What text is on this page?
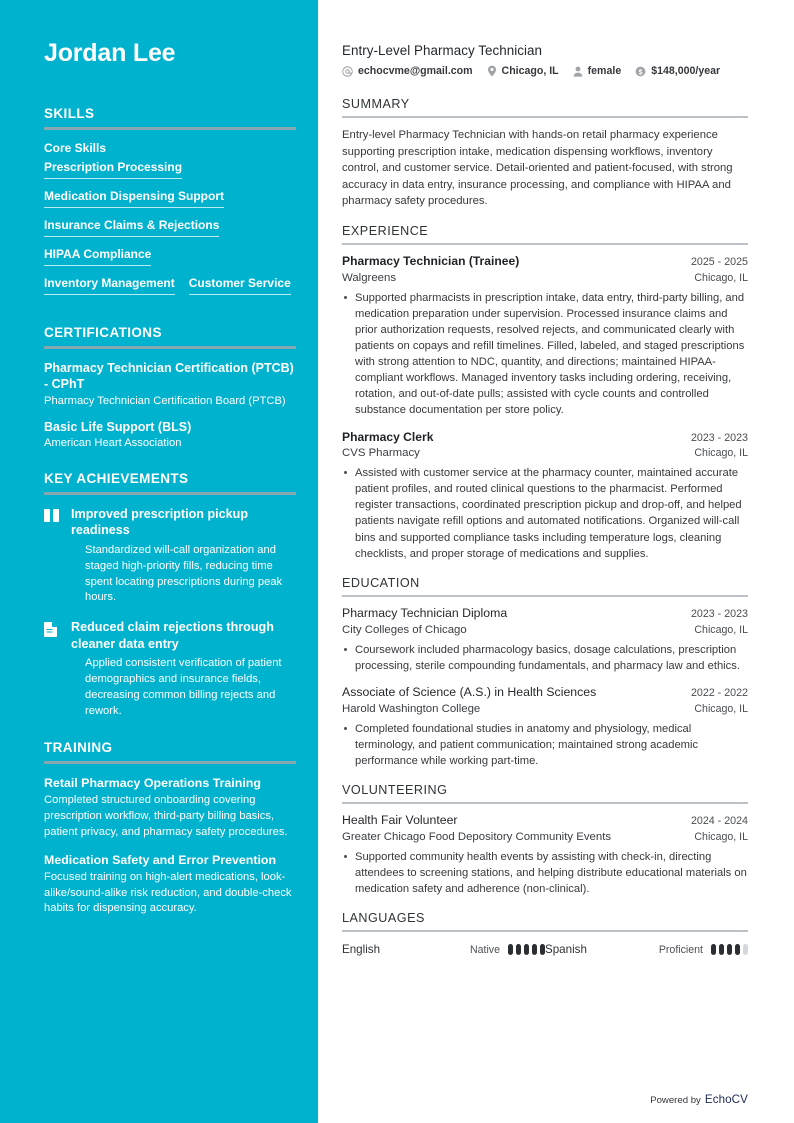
Jordan Lee
SKILLS
Core Skills
Prescription Processing
Medication Dispensing Support
Insurance Claims & Rejections
HIPAA Compliance
Inventory Management Customer Service
CERTIFICATIONS
Pharmacy Technician Certification (PTCB) - CPhT
Pharmacy Technician Certification Board (PTCB)
Basic Life Support (BLS)
American Heart Association
KEY ACHIEVEMENTS
Improved prescription pickup readiness
Standardized will-call organization and staged high-priority fills, reducing time spent locating prescriptions during peak hours.
Reduced claim rejections through cleaner data entry
Applied consistent verification of patient demographics and insurance fields, decreasing common billing rejects and rework.
TRAINING
Retail Pharmacy Operations Training
Completed structured onboarding covering prescription workflow, third-party billing basics, patient privacy, and pharmacy safety procedures.
Medication Safety and Error Prevention
Focused training on high-alert medications, look-alike/sound-alike risk reduction, and double-check habits for dispensing accuracy.
Entry-Level Pharmacy Technician
echocvme@gmail.com	Chicago, IL	female $ $148,000/year
SUMMARY

Entry-level Pharmacy Technician with hands-on retail pharmacy experience supporting prescription intake, medication dispensing workflows, inventory control, and customer service. Detail-oriented and patient-focused, with strong accuracy in data entry, insurance processing, and compliance with HIPAA and pharmacy safety procedures.

EXPERIENCE
Pharmacy Technician (Trainee)	2025 - 2025
Walgreens	Chicago, IL
Supported pharmacists in prescription intake, data entry, third-party billing, and medication preparation under supervision. Processed insurance claims and prior authorization requests, resolved rejects, and communicated clearly with patients on copays and refill timelines. Filled, labeled, and staged prescriptions with strong attention to NDC, quantity, and directions; maintained HIPAA-compliant workflows. Managed inventory tasks including ordering, receiving, rotation, and out-of-date pulls; assisted with cycle counts and controlled substance documentation per store policy.
Pharmacy Clerk	2023 - 2023
CVS Pharmacy	Chicago, IL
Assisted with customer service at the pharmacy counter, maintained accurate patient profiles, and routed clinical questions to the pharmacist. Performed register transactions, coordinated prescription pickup and drop-off, and helped patients navigate refill options and automated notifications. Organized will-call bins and supported compliance tasks including temperature logs, cleaning checklists, and proper storage of medications and supplies.
EDUCATION
Pharmacy Technician Diploma	2023 - 2023
City Colleges of Chicago	Chicago, IL
Coursework included pharmacology basics, dosage calculations, prescription processing, sterile compounding fundamentals, and pharmacy law and ethics.
Associate of Science (A.S.) in Health Sciences	2022 - 2022
Harold Washington College	Chicago, IL
Completed foundational studies in anatomy and physiology, medical terminology, and patient communication; maintained strong academic performance while working part-time.
VOLUNTEERING
Health Fair Volunteer	2024 - 2024
Greater Chicago Food Depository Community Events	Chicago, IL
Supported community health events by assisting with check-in, directing attendees to screening stations, and helping distribute educational materials on medication safety and adherence (non-clinical).
LANGUAGES
English	Native	Spanish	Proficient
Powered by EchoCV
